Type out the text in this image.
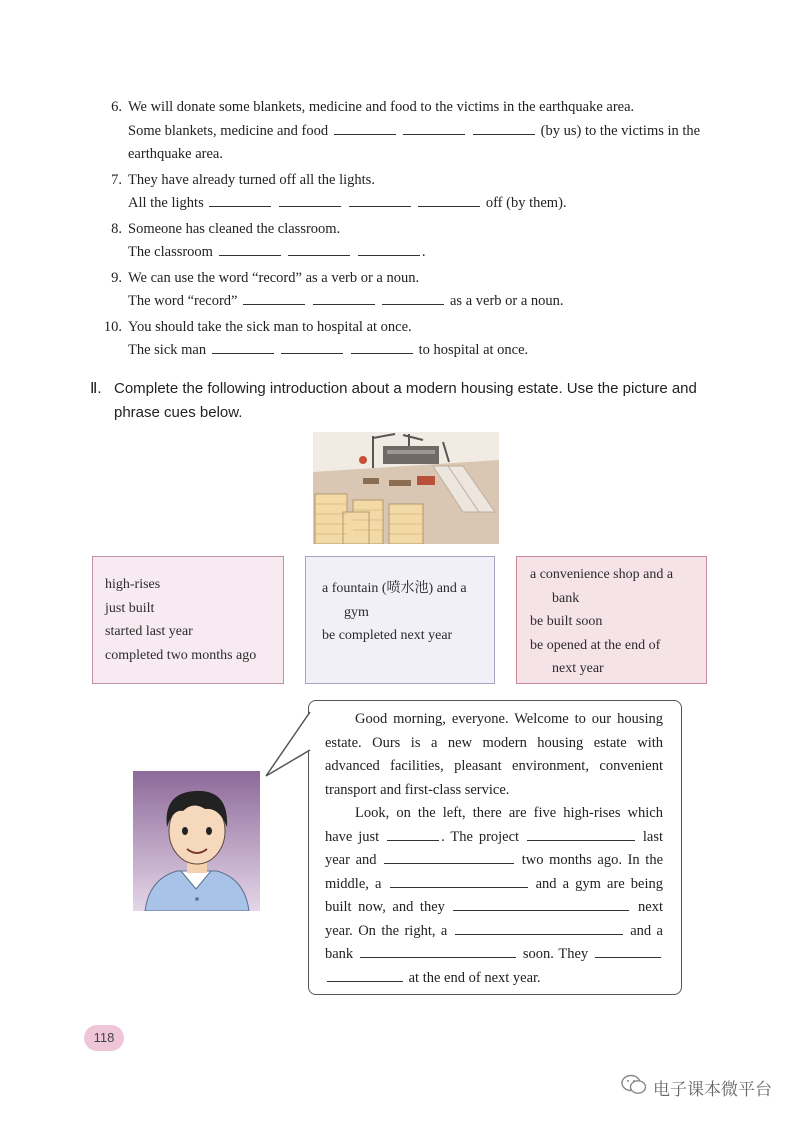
6. We will donate some blankets, medicine and food to the victims in the earthquake area.
Some blankets, medicine and food	(by us) to the victims in the
earthquake area.
7. They have already turned off all the lights.
All the lights	off (by them).
8. Someone has cleaned the classroom.
The classroom	.
9. We can use the word “record” as a verb or a noun.
The word “record”	as a verb or a noun.
10. You should take the sick man to hospital at once.
The sick man	to hospital at once.
Ⅱ. Complete the following introduction about a modern housing estate. Use the picture and phrase cues below.
high-rises
just built
started last year
completed two months ago
a fountain (喷水池) and a
gym
be completed next year
a convenience shop and a
bank
be built soon
be opened at the end of
next year

Good morning, everyone. Welcome to our housing estate. Ours is a new modern housing estate with advanced facilities, pleasant environment, convenient transport and first-class service.

Look, on the left, there are five high-rises which have just	. The project	last year and	two months ago. In the middle, a	and a gym are being built now, and they	next year. On the right, a	and a bank	soon. They   at the end of next year.

118
电子课本微平台
